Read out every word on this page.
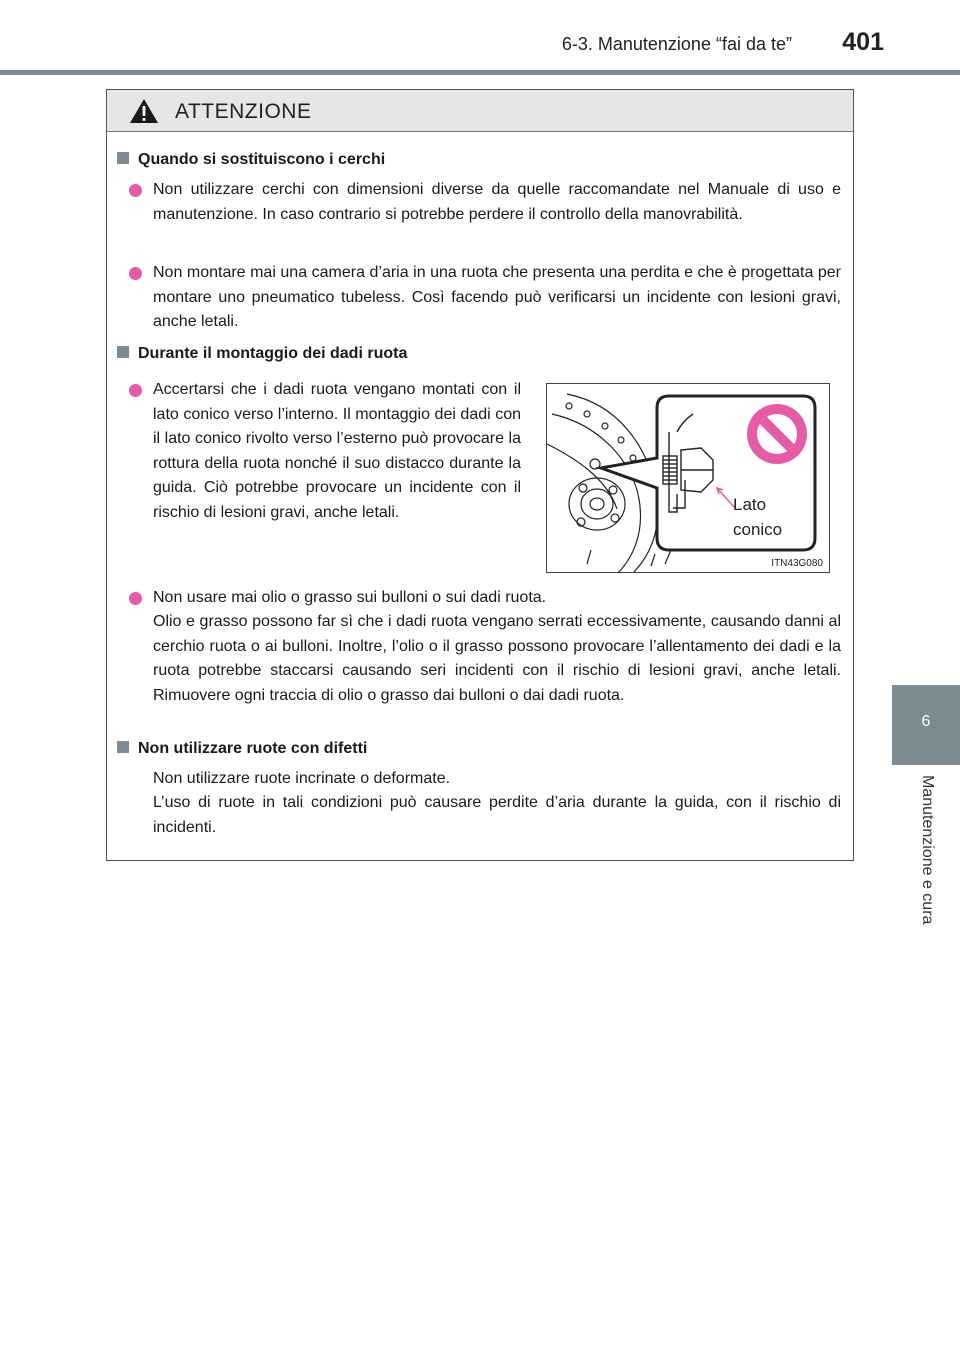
6-3. Manutenzione “fai da te” 401
6
Manutenzione e cura
ATTENZIONE
Quando si sostituiscono i cerchi
Non utilizzare cerchi con dimensioni diverse da quelle raccomandate nel Manuale di uso e manutenzione. In caso contrario si potrebbe perdere il controllo della manovrabilità.
Non montare mai una camera d’aria in una ruota che presenta una perdita e che è progettata per montare uno pneumatico tubeless. Così facendo può verificarsi un incidente con lesioni gravi, anche letali.
Durante il montaggio dei dadi ruota
Accertarsi che i dadi ruota vengano montati con il lato conico verso l’interno. Il montaggio dei dadi con il lato conico rivolto verso l’esterno può provocare la rottura della ruota nonché il suo distacco durante la guida. Ciò potrebbe provocare un incidente con il rischio di lesioni gravi, anche letali.	Lato
conico
ITN43G080
Non usare mai olio o grasso sui bulloni o sui dadi ruota.
Olio e grasso possono far sì che i dadi ruota vengano serrati eccessivamente, causando danni al cerchio ruota o ai bulloni. Inoltre, l’olio o il grasso possono provocare l’allentamento dei dadi e la ruota potrebbe staccarsi causando seri incidenti con il rischio di lesioni gravi, anche letali. Rimuovere ogni traccia di olio o grasso dai bulloni o dai dadi ruota.
Non utilizzare ruote con difetti
Non utilizzare ruote incrinate o deformate.
L’uso di ruote in tali condizioni può causare perdite d’aria durante la guida, con il rischio di incidenti.
